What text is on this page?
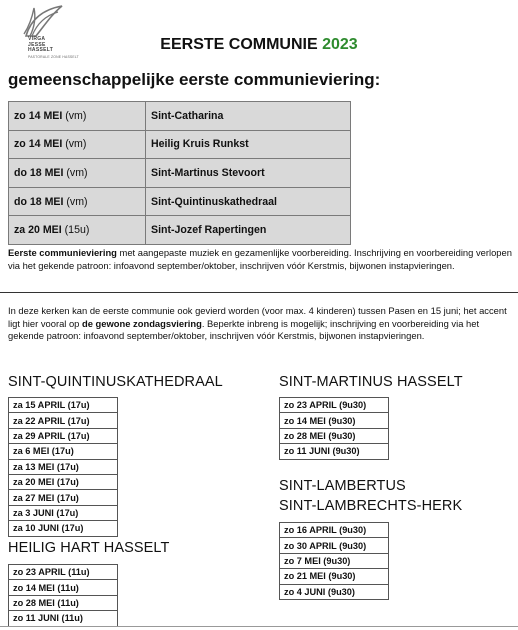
VIRGA
JESSE
HASSELT
PASTORALE ZONE HASSELT
EERSTE COMMUNIE 2023
gemeenschappelijke eerste communieviering:
zo 14 MEI (vm)	Sint-Catharina
zo 14 MEI (vm)	Heilig Kruis Runkst
do 18 MEI (vm)	Sint-Martinus Stevoort
do 18 MEI (vm)	Sint-Quintinuskathedraal
za 20 MEI (15u)	Sint-Jozef Rapertingen
Eerste communieviering met aangepaste muziek en gezamenlijke voorbereiding. Inschrijving en voorbereiding verlopen via het gekende patroon: infoavond september/oktober, inschrijven vóór Kerstmis, bijwonen instapvieringen.
In deze kerken kan de eerste communie ook gevierd worden (voor max. 4 kinderen) tussen Pasen en 15 juni; het accent ligt hier vooral op de gewone zondagsviering. Beperkte inbreng is mogelijk; inschrijving en voorbereiding via het gekende patroon: infoavond september/oktober, inschrijven vóór Kerstmis, bijwonen instapvieringen.
SINT-QUINTINUSKATHEDRAAL
za 15 APRIL (17u)
za 22 APRIL (17u)
za 29 APRIL (17u)
za 6 MEI (17u)
za 13 MEI (17u)
za 20 MEI (17u)
za 27 MEI (17u)
za 3 JUNI (17u)
za 10 JUNI (17u)
HEILIG HART HASSELT
zo 23 APRIL (11u)
zo 14 MEI (11u)
zo 28 MEI (11u)
zo 11 JUNI (11u)
SINT-MARTINUS HASSELT
zo 23 APRIL (9u30)
zo 14 MEI (9u30)
zo 28 MEI (9u30)
zo 11 JUNI (9u30)
SINT-LAMBERTUS
SINT-LAMBRECHTS-HERK
zo 16 APRIL (9u30)
zo 30 APRIL (9u30)
zo 7 MEI (9u30)
zo 21 MEI (9u30)
zo 4 JUNI (9u30)
